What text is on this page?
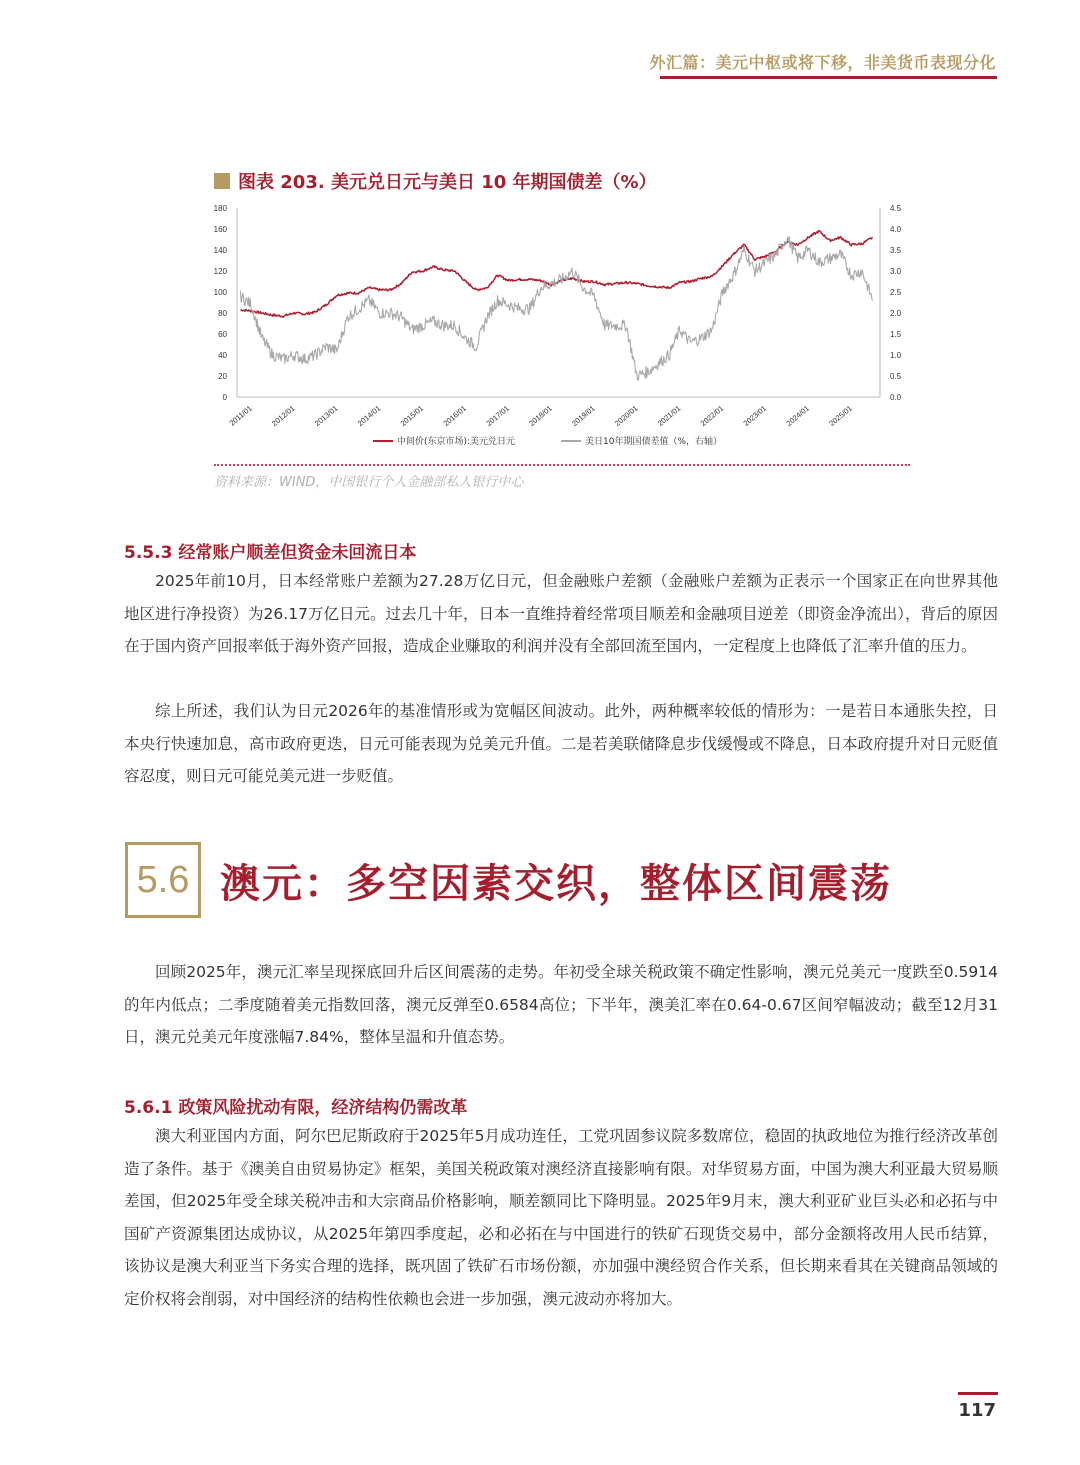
外汇篇：美元中枢或将下移，非美货币表现分化
图表 203. 美元兑日元与美日 10 年期国债差（%）
180
160
140
120
100
80
60
40
20
0
4.5
4.0
3.5
3.0
2.5
2.0
1.5
1.0
0.5
0.0
2011/01 2012/01 2013/01 2014/01 2015/01 2016/01 2017/01 2018/01 2019/01 2020/01 2021/01 2022/01 2023/01 2024/01 2025/01
中间价(东京市场):美元兑日元	美日10年期国债差值（%，右轴）
资料来源：WIND，中国银行个人金融部私人银行中心
5.5.3 经常账户顺差但资金未回流日本

2025年前10月，日本经常账户差额为27.28万亿日元，但金融账户差额（金融账户差额为正表示一个国家正在向世界其他地区进行净投资）为26.17万亿日元。过去几十年，日本一直维持着经常项目顺差和金融项目逆差（即资金净流出），背后的原因在于国内资产回报率低于海外资产回报，造成企业赚取的利润并没有全部回流至国内，一定程度上也降低了汇率升值的压力。

综上所述，我们认为日元2026年的基准情形或为宽幅区间波动。此外，两种概率较低的情形为：一是若日本通胀失控，日本央行快速加息，高市政府更迭，日元可能表现为兑美元升值。二是若美联储降息步伐缓慢或不降息，日本政府提升对日元贬值容忍度，则日元可能兑美元进一步贬值。

5.6 澳元：多空因素交织，整体区间震荡

回顾2025年，澳元汇率呈现探底回升后区间震荡的走势。年初受全球关税政策不确定性影响，澳元兑美元一度跌至0.5914的年内低点；二季度随着美元指数回落，澳元反弹至0.6584高位；下半年，澳美汇率在0.64-0.67区间窄幅波动；截至12月31日，澳元兑美元年度涨幅7.84%，整体呈温和升值态势。

5.6.1 政策风险扰动有限，经济结构仍需改革

澳大利亚国内方面，阿尔巴尼斯政府于2025年5月成功连任，工党巩固参议院多数席位，稳固的执政地位为推行经济改革创造了条件。基于《澳美自由贸易协定》框架，美国关税政策对澳经济直接影响有限。对华贸易方面，中国为澳大利亚最大贸易顺差国，但2025年受全球关税冲击和大宗商品价格影响，顺差额同比下降明显。2025年9月末，澳大利亚矿业巨头必和必拓与中国矿产资源集团达成协议，从2025年第四季度起，必和必拓在与中国进行的铁矿石现货交易中，部分金额将改用人民币结算，该协议是澳大利亚当下务实合理的选择，既巩固了铁矿石市场份额，亦加强中澳经贸合作关系，但长期来看其在关键商品领域的定价权将会削弱，对中国经济的结构性依赖也会进一步加强，澳元波动亦将加大。

117
